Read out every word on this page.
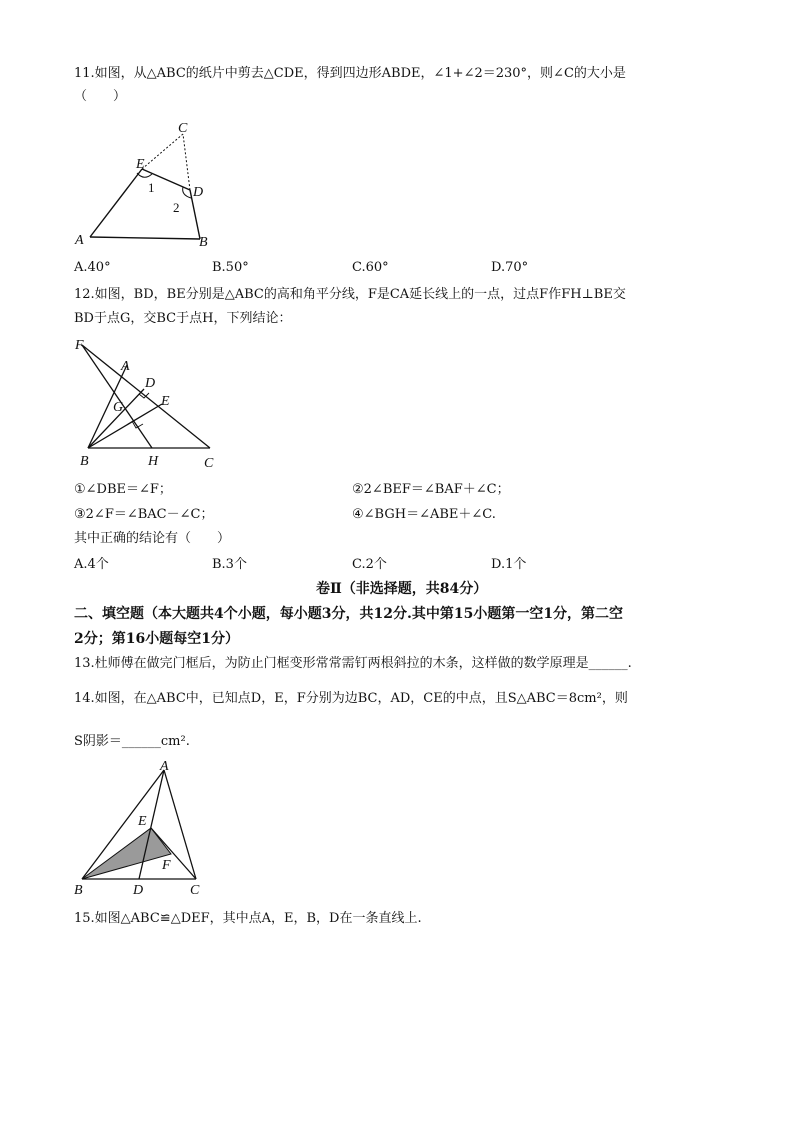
11.如图，从△ABC的纸片中剪去△CDE，得到四边形ABDE，∠1+∠2＝230°，则∠C的大小是
（　　）
C
E
D
A	B
1
2
A.40°	B.50°	C.60°	D.70°
12.如图，BD，BE分别是△ABC的高和角平分线，F是CA延长线上的一点，过点F作FH⊥BE交
BD于点G，交BC于点H，下列结论：
F
A
D
G	E
B	H	C
①∠DBE＝∠F；	②2∠BEF＝∠BAF＋∠C；
③2∠F＝∠BAC－∠C；	④∠BGH＝∠ABE＋∠C.
其中正确的结论有（　　）
A.4个	B.3个	C.2个	D.1个
卷Ⅱ（非选择题，共84分）
二、填空题（本大题共4个小题，每小题3分，共12分.其中第15小题第一空1分，第二空
2分；第16小题每空1分）
13.杜师傅在做完门框后，为防止门框变形常常需钉两根斜拉的木条，这样做的数学原理是______.
14.如图，在△ABC中，已知点D，E，F分别为边BC，AD，CE的中点，且S△ABC＝8cm²，则
S阴影＝______cm².
A
E
F
B	D	C
15.如图△ABC≌△DEF，其中点A，E，B，D在一条直线上.
